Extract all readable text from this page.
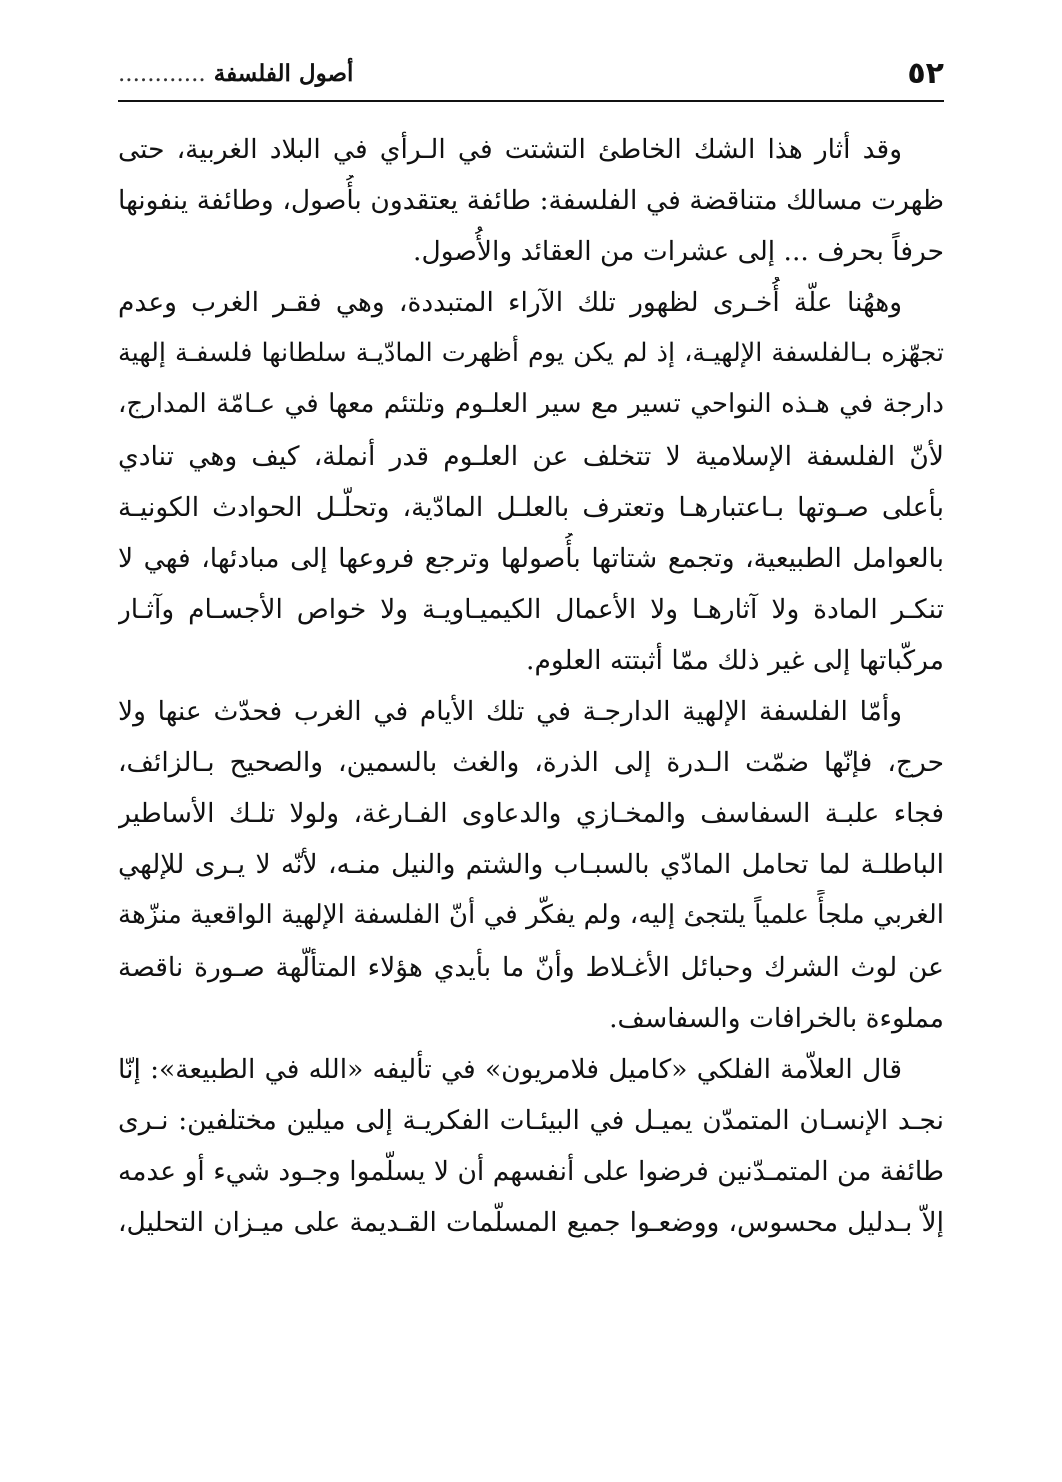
٥٢
أصول الفلسفة ............

وقد أثار هذا الشك الخاطئ التشتت في الـرأي في البلاد الغربية، حتى
ظهرت مسالك متناقضة في الفلسفة: طائفة يعتقدون بأُصول، وطائفة ينفونها
حرفاً بحرف ... إلى عشرات من العقائد والأُصول.

وههُنا علّة أُخـرى لظهور تلك الآراء المتبددة، وهي فقـر الغرب وعدم
تجهّزه بـالفلسفة الإلهيـة، إذ لم يكن يوم أظهرت المادّيـة سلطانها فلسفـة إلهية
دارجة في هـذه النواحي تسير مع سير العلـوم وتلتئم معها في عـامّة المدارج،
لأنّ الفلسفة الإسلامية لا تتخلف عن العلـوم قدر أنملة، كيف وهي تنادي
بأعلى صـوتها بـاعتبارهـا وتعترف بالعلـل المادّية، وتحلّـل الحوادث الكونيـة
بالعوامل الطبيعية، وتجمع شتاتها بأُصولها وترجع فروعها إلى مبادئها، فهي لا
تنكـر المادة ولا آثارهـا ولا الأعمال الكيميـاويـة ولا خواص الأجسـام وآثـار
مركّباتها إلى غير ذلك ممّا أثبتته العلوم.

وأمّا الفلسفة الإلهية الدارجـة في تلك الأيام في الغرب فحدّث عنها ولا
حرج، فإنّها ضمّت الـدرة إلى الذرة، والغث بالسمين، والصحيح بـالزائف،
فجاء علبـة السفاسف والمخـازي والدعاوى الفـارغة، ولولا تلـك الأساطير
الباطلـة لما تحامل المادّي بالسبـاب والشتم والنيل منـه، لأنّه لا يـرى للإلهي
الغربي ملجأً علمياً يلتجئ إليه، ولم يفكّر في أنّ الفلسفة الإلهية الواقعية منزّهة
عن لوث الشرك وحبائل الأغـلاط وأنّ ما بأيدي هؤلاء المتألّهة صـورة ناقصة
مملوءة بالخرافات والسفاسف.

قال العلاّمة الفلكي «كاميل فلامريون» في تأليفه «الله في الطبيعة»: إنّا
نجـد الإنسـان المتمدّن يميـل في البيئـات الفكريـة إلى ميلين مختلفين: نـرى
طائفة من المتمـدّنين فرضوا على أنفسهم أن لا يسلّموا وجـود شيء أو عدمه
إلاّ بـدليل محسوس، ووضعـوا جميع المسلّمات القـديمة على ميـزان التحليل،
